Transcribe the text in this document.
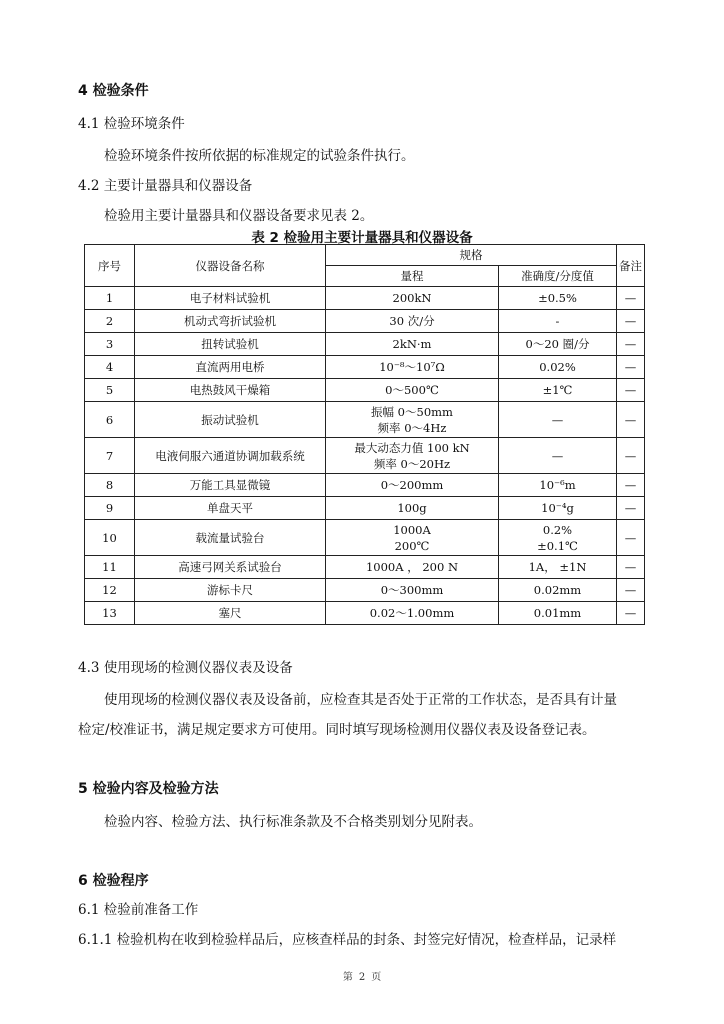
4 检验条件
4.1 检验环境条件
检验环境条件按所依据的标准规定的试验条件执行。
4.2 主要计量器具和仪器设备
检验用主要计量器具和仪器设备要求见表 2。
表 2 检验用主要计量器具和仪器设备
序号	仪器设备名称	规格		备注
		量程	准确度/分度值	
1	电子材料试验机	200kN	±0.5%	—
2	机动式弯折试验机	30 次/分	-	—
3	扭转试验机	2kN·m	0～20 圈/分	—
4	直流两用电桥	10⁻⁸～10⁷Ω	0.02%	—
5	电热鼓风干燥箱	0～500℃	±1℃	—
6	振动试验机	振幅 0～50mm
频率 0～4Hz	—	—
7	电液伺服六通道协调加载系统	最大动态力值 100 kN
频率 0～20Hz	—	—
8	万能工具显微镜	0～200mm	10⁻⁶m	—
9	单盘天平	100g	10⁻⁴g	—
10	载流量试验台	1000A
200℃	0.2%
±0.1℃	—
11	高速弓网关系试验台	1000A ， 200 N	1A， ±1N	—
12	游标卡尺	0～300mm	0.02mm	—
13	塞尺	0.02～1.00mm	0.01mm	—
4.3 使用现场的检测仪器仪表及设备
使用现场的检测仪器仪表及设备前，应检查其是否处于正常的工作状态，是否具有计量
检定/校准证书，满足规定要求方可使用。同时填写现场检测用仪器仪表及设备登记表。
5 检验内容及检验方法
检验内容、检验方法、执行标准条款及不合格类别划分见附表。
6 检验程序
6.1 检验前准备工作
6.1.1 检验机构在收到检验样品后，应核查样品的封条、封签完好情况，检查样品，记录样
第 2 页
